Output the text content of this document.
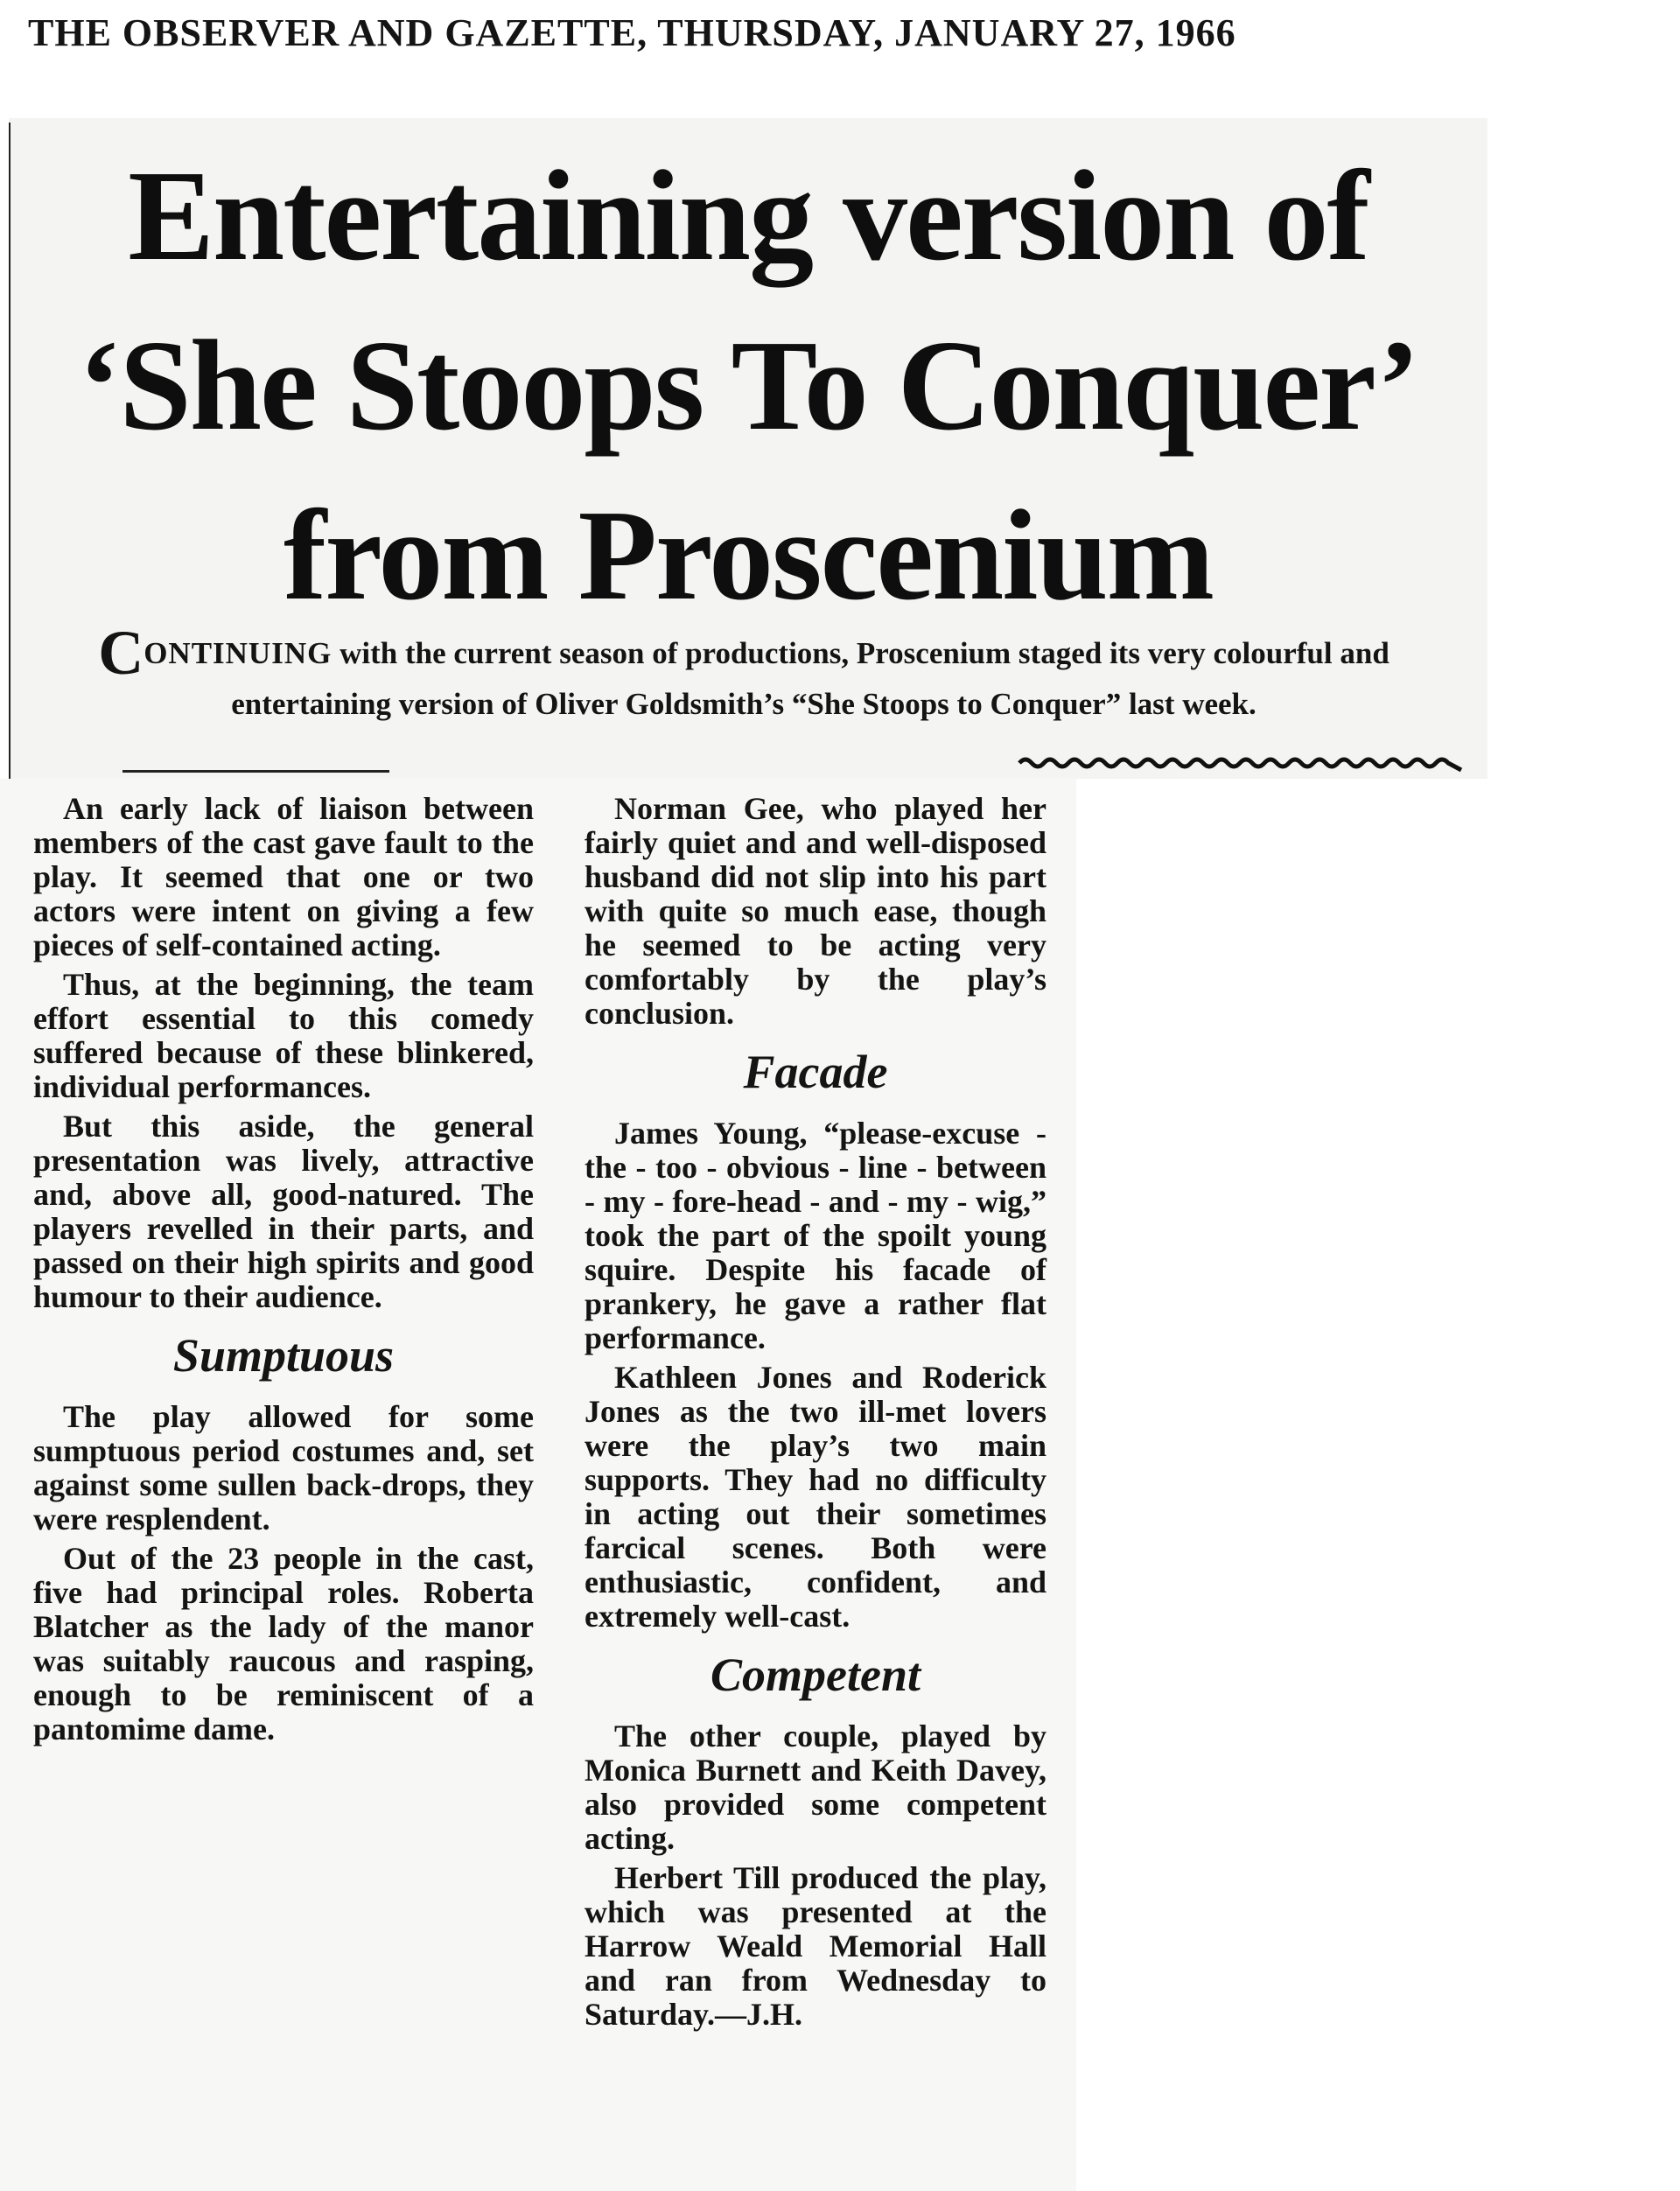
THE OBSERVER AND GAZETTE, THURSDAY, JANUARY 27, 1966
Entertaining version of
‘She Stoops To Conquer’
from Proscenium
CONTINUING with the current season of productions, Proscenium staged its very colourful and entertaining version of Oliver Goldsmith’s “She Stoops to Conquer” last week.

An early lack of liaison between members of the cast gave fault to the play. It seemed that one or two actors were intent on giving a few pieces of self-contained acting.

Thus, at the beginning, the team effort essential to this comedy suffered because of these blinkered, individual performances.

But this aside, the general presentation was lively, attractive and, above all, good-natured. The players revelled in their parts, and passed on their high spirits and good humour to their audience.

Sumptuous

The play allowed for some sumptuous period costumes and, set against some sullen back-drops, they were resplendent.

Out of the 23 people in the cast, five had principal roles. Roberta Blatcher as the lady of the manor was suitably raucous and rasping, enough to be reminiscent of a pantomime dame.

Norman Gee, who played her fairly quiet and and well-disposed husband did not slip into his part with quite so much ease, though he seemed to be acting very comfortably by the play’s conclusion.

Facade

James Young, “please-excuse - the - too - obvious - line - between - my - fore-head - and - my - wig,” took the part of the spoilt young squire. Despite his facade of prankery, he gave a rather flat performance.

Kathleen Jones and Roderick Jones as the two ill-met lovers were the play’s two main supports. They had no difficulty in acting out their sometimes farcical scenes. Both were enthusiastic, confident, and extremely well-cast.

Competent

The other couple, played by Monica Burnett and Keith Davey, also provided some competent acting.

Herbert Till produced the play, which was presented at the Harrow Weald Memorial Hall and ran from Wednesday to Saturday.—J.H.
